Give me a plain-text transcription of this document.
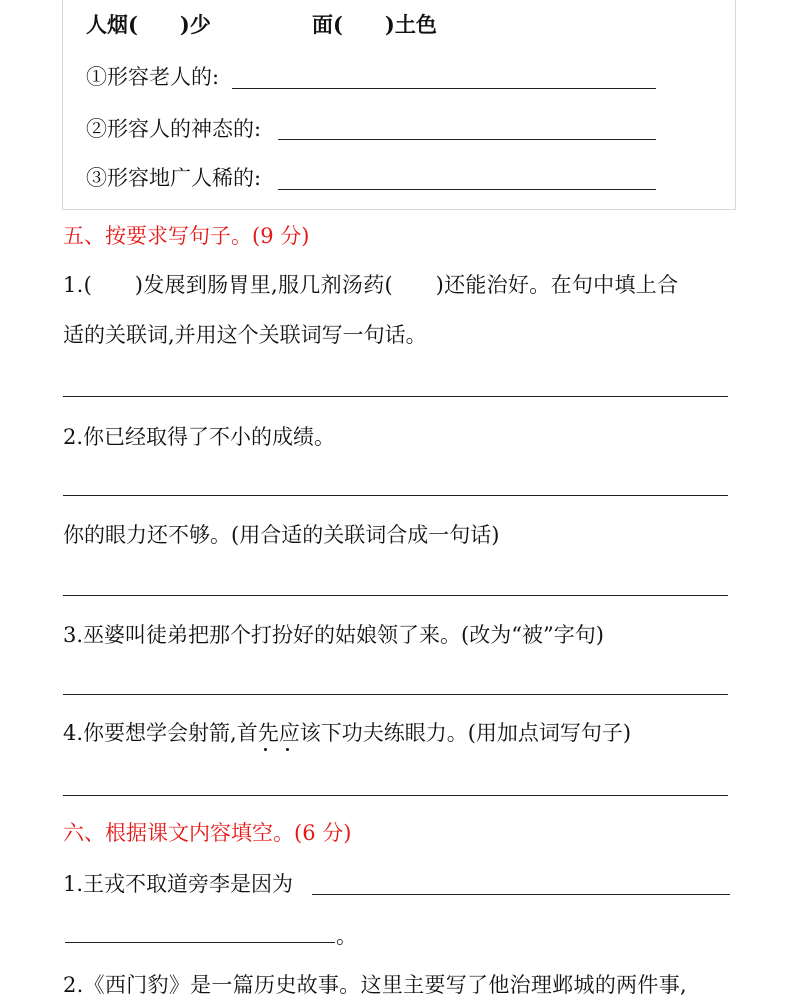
人烟(　　)少	面(　　)土色
①形容老人的:
②形容人的神态的:
③形容地广人稀的:
五、按要求写句子。(9 分)
1.(　　)发展到肠胃里,服几剂汤药(　　)还能治好。在句中填上合
适的关联词,并用这个关联词写一句话。
2.你已经取得了不小的成绩。
你的眼力还不够。(用合适的关联词合成一句话)
3.巫婆叫徒弟把那个打扮好的姑娘领了来。(改为“被”字句)
4.你要想学会射箭,首先应该下功夫练眼力。(用加点词写句子)
六、根据课文内容填空。(6 分)
1.王戎不取道旁李是因为
。
2.《西门豹》是一篇历史故事。这里主要写了他治理邺城的两件事,
